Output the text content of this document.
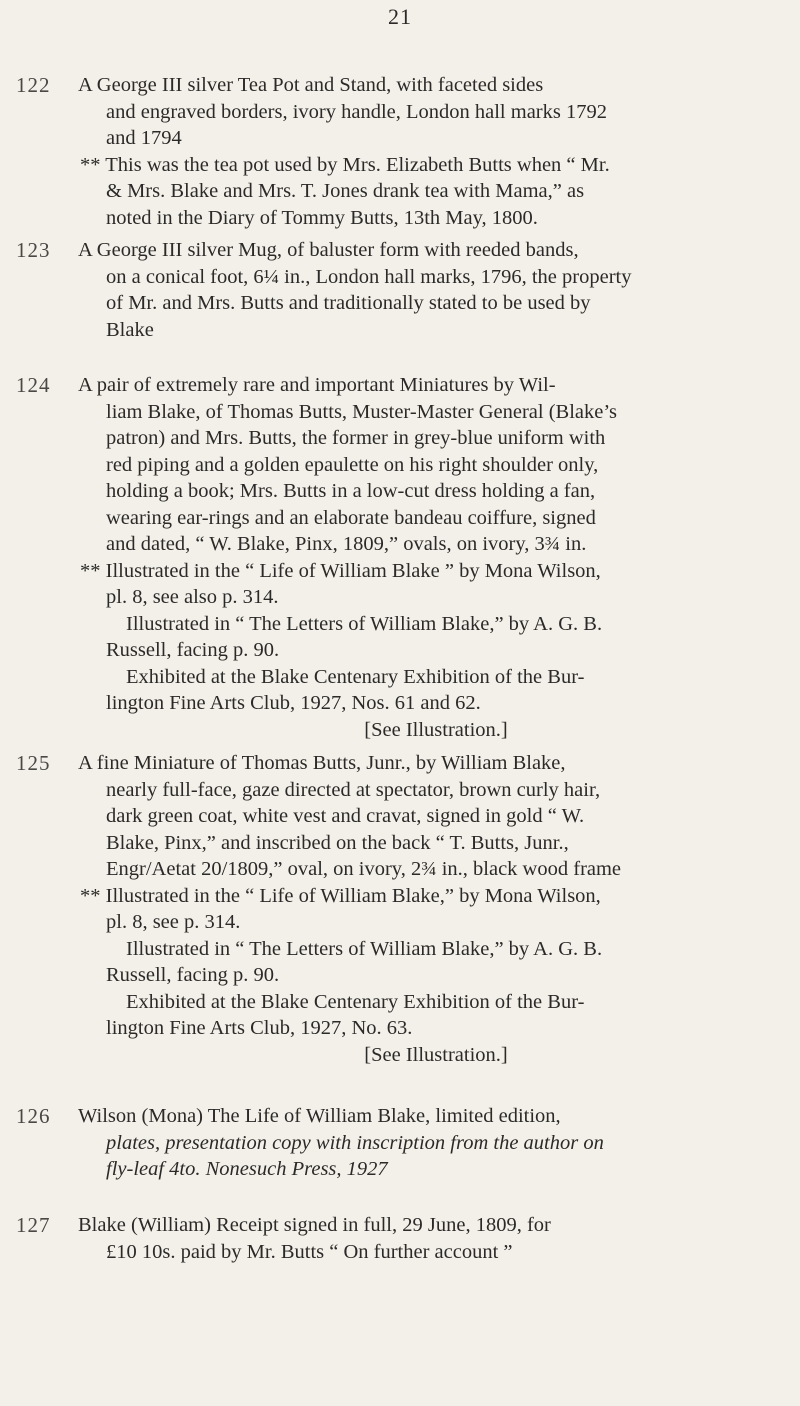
21
122 A George III silver Tea Pot and Stand, with faceted sides

and engraved borders, ivory handle, London hall marks 1792

and 1794

** This was the tea pot used by Mrs. Elizabeth Butts when “ Mr.

& Mrs. Blake and Mrs. T. Jones drank tea with Mama,” as

noted in the Diary of Tommy Butts, 13th May, 1800.

123 A George III silver Mug, of baluster form with reeded bands,

on a conical foot, 6¼ in., London hall marks, 1796, the property

of Mr. and Mrs. Butts and traditionally stated to be used by

Blake

124 A pair of extremely rare and important Miniatures by Wil-

liam Blake, of Thomas Butts, Muster-Master General (Blake’s

patron) and Mrs. Butts, the former in grey-blue uniform with

red piping and a golden epaulette on his right shoulder only,

holding a book; Mrs. Butts in a low-cut dress holding a fan,

wearing ear-rings and an elaborate bandeau coiffure, signed

and dated, “ W. Blake, Pinx, 1809,” ovals, on ivory, 3¾ in.

** Illustrated in the “ Life of William Blake ” by Mona Wilson,

pl. 8, see also p. 314.

Illustrated in “ The Letters of William Blake,” by A. G. B.

Russell, facing p. 90.

Exhibited at the Blake Centenary Exhibition of the Bur-

lington Fine Arts Club, 1927, Nos. 61 and 62.

[See Illustration.]

125 A fine Miniature of Thomas Butts, Junr., by William Blake,

nearly full-face, gaze directed at spectator, brown curly hair,

dark green coat, white vest and cravat, signed in gold “ W.

Blake, Pinx,” and inscribed on the back “ T. Butts, Junr.,

Engr/Aetat 20/1809,” oval, on ivory, 2¾ in., black wood frame

** Illustrated in the “ Life of William Blake,” by Mona Wilson,

pl. 8, see p. 314.

Illustrated in “ The Letters of William Blake,” by A. G. B.

Russell, facing p. 90.

Exhibited at the Blake Centenary Exhibition of the Bur-

lington Fine Arts Club, 1927, No. 63.

[See Illustration.]

126 Wilson (Mona) The Life of William Blake, limited edition,

plates, presentation copy with inscription from the author on

fly-leaf 4to. Nonesuch Press, 1927

127 Blake (William) Receipt signed in full, 29 June, 1809, for

£10 10s. paid by Mr. Butts “ On further account ”
